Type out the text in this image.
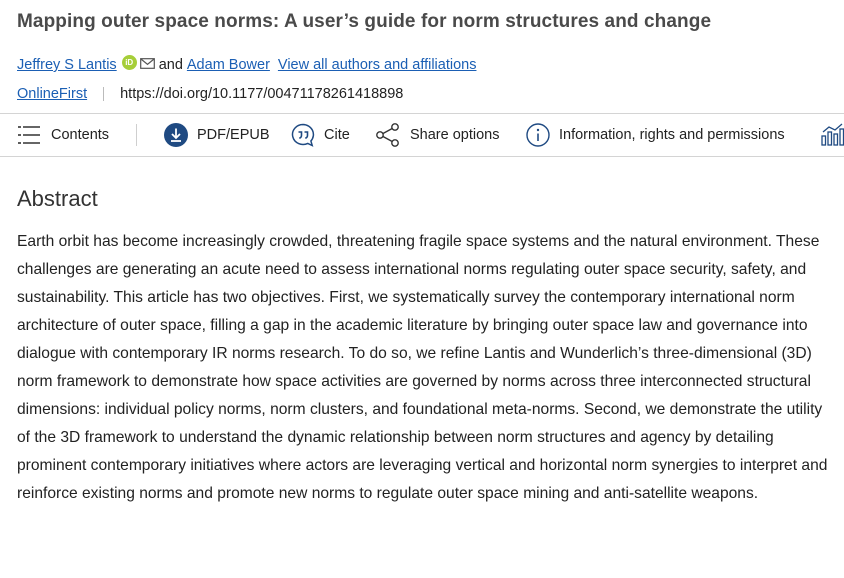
Mapping outer space norms: A user’s guide for norm structures and change
Jeffrey S Lantis	iD and Adam Bower View all authors and affiliations
OnlineFirst https://doi.org/10.1177/00471178261418898
Contents	PDF/EPUB	Cite	Share options	Information, rights and permissions
Abstract

Earth orbit has become increasingly crowded, threatening fragile space systems and the natural environment. These challenges are generating an acute need to assess international norms regulating outer space security, safety, and sustainability. This article has two objectives. First, we systematically survey the contemporary international norm architecture of outer space, filling a gap in the academic literature by bringing outer space law and governance into dialogue with contemporary IR norms research. To do so, we refine Lantis and Wunderlich’s three-dimensional (3D) norm framework to demonstrate how space activities are governed by norms across three interconnected structural dimensions: individual policy norms, norm clusters, and foundational meta-norms. Second, we demonstrate the utility of the 3D framework to understand the dynamic relationship between norm structures and agency by detailing prominent contemporary initiatives where actors are leveraging vertical and horizontal norm synergies to interpret and reinforce existing norms and promote new norms to regulate outer space mining and anti-satellite weapons.
